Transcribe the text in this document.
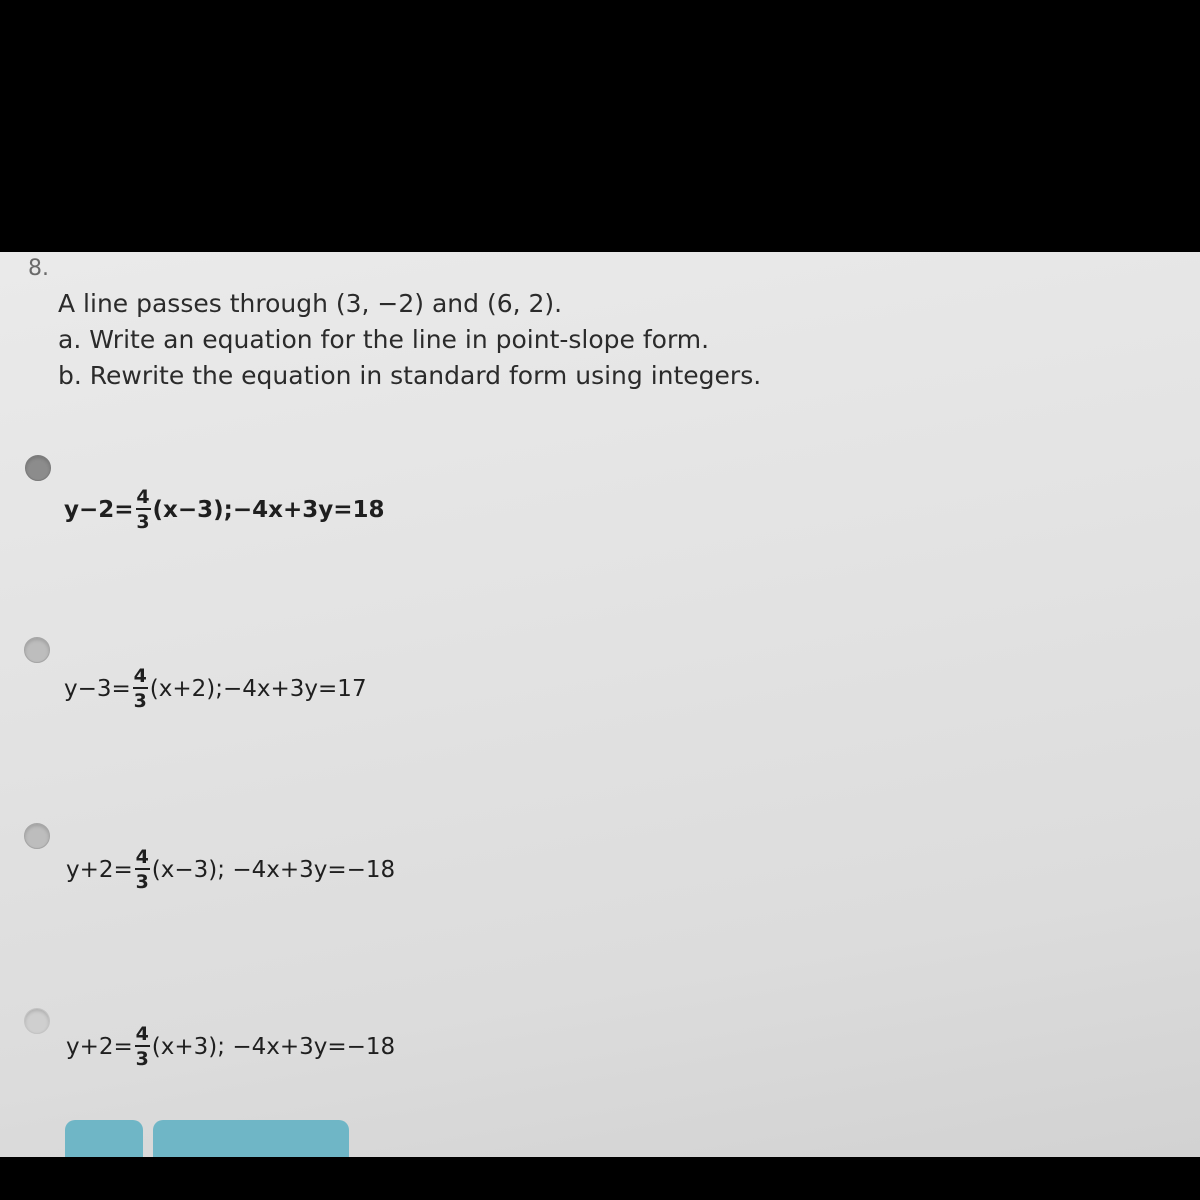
8.
A line passes through (3, −2) and (6, 2).
a. Write an equation for the line in point-slope form.
b. Rewrite the equation in standard form using integers.
$y-2= \frac{4}{3}$ (x−3);−4x+3y=18
$y-3= \frac{4}{3}$ (x+2);−4x+3y=17
$y+2= \frac{4}{3} (x-3)$; −4x+3y=−18
$y+2= \frac{4}{3} (x+3)$; −4x+3y=−18
